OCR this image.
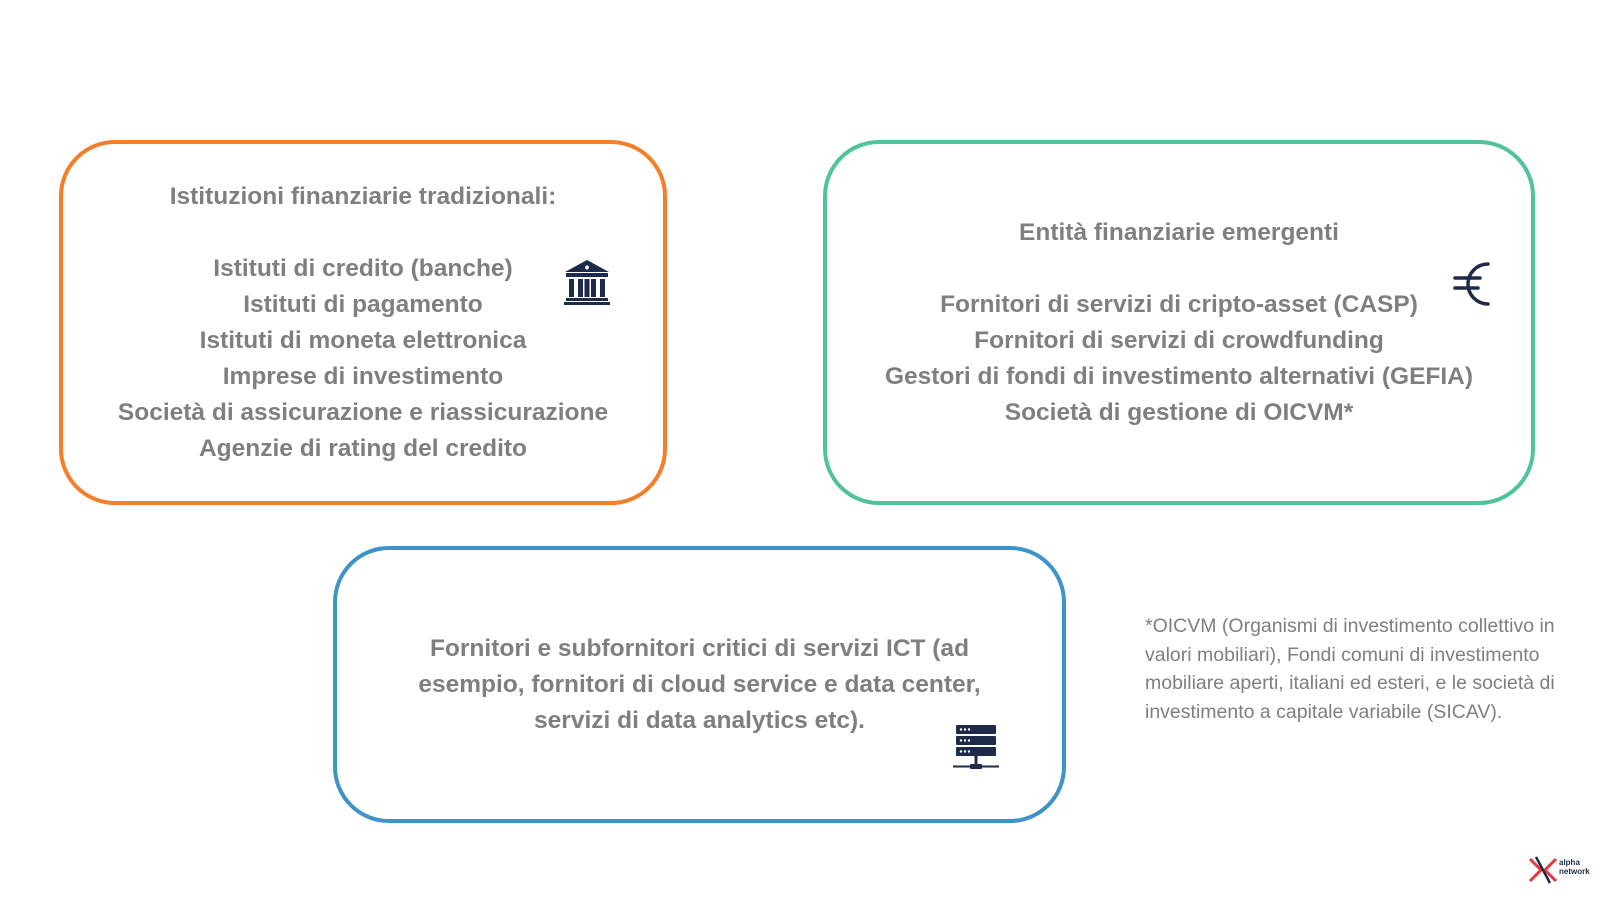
Istituzioni finanziarie tradizionali:
Istituti di credito (banche)
Istituti di pagamento
Istituti di moneta elettronica
Imprese di investimento
Società di assicurazione e riassicurazione
Agenzie di rating del credito
Entità finanziarie emergenti
Fornitori di servizi di cripto-asset (CASP)
Fornitori di servizi di crowdfunding
Gestori di fondi di investimento alternativi (GEFIA)
Società di gestione di OICVM*
Fornitori e subfornitori critici di servizi ICT (ad esempio, fornitori di cloud service e data center, servizi di data analytics etc).
*OICVM (Organismi di investimento collettivo in valori mobiliari), Fondi comuni di investimento mobiliare aperti, italiani ed esteri, e le società di investimento a capitale variabile (SICAV).
alpha
network
